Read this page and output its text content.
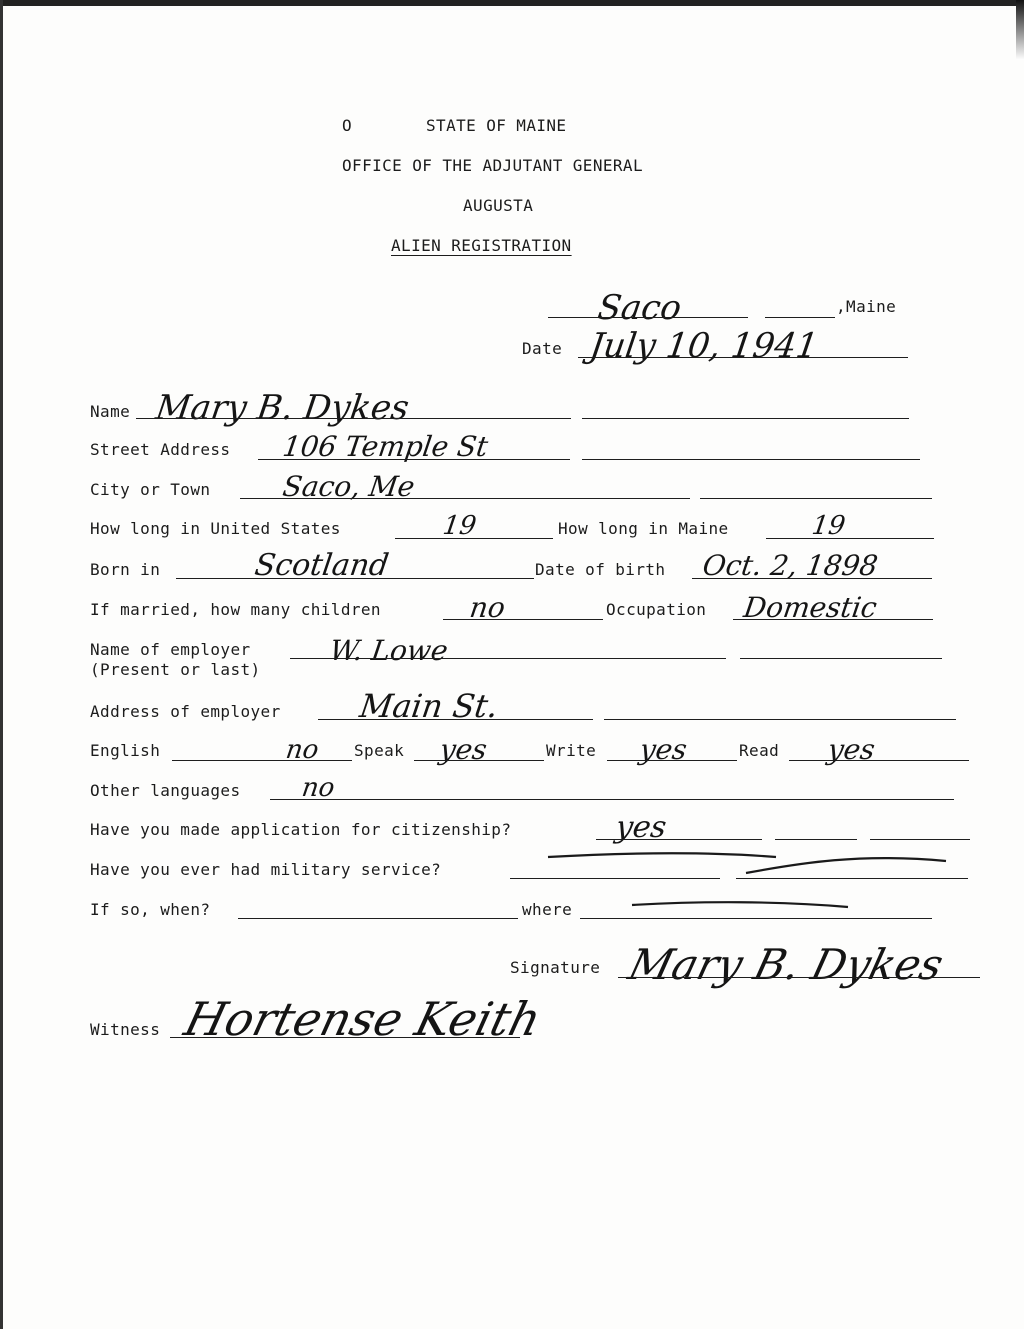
O	STATE OF MAINE
OFFICE OF THE ADJUTANT GENERAL
AUGUSTA
ALIEN REGISTRATION
Saco	,Maine
Date July 10, 1941
Name Mary B. Dykes
Street Address 106 Temple St
City or Town	Saco, Me
How long in United States	19	How long in Maine	19
Born in	Scotland	Date of birth Oct. 2, 1898
If married, how many children	no	Occupation Domestic
Name of employer
(Present or last)
W. Lowe
Address of employer Main St.
English	no Speak yes	Write yes	Read yes
Other languages no
Have you made application for citizenship?	yes
Have you ever had military service?
If so, when?	where
Signature Mary B. Dykes
Witness Hortense Keith
